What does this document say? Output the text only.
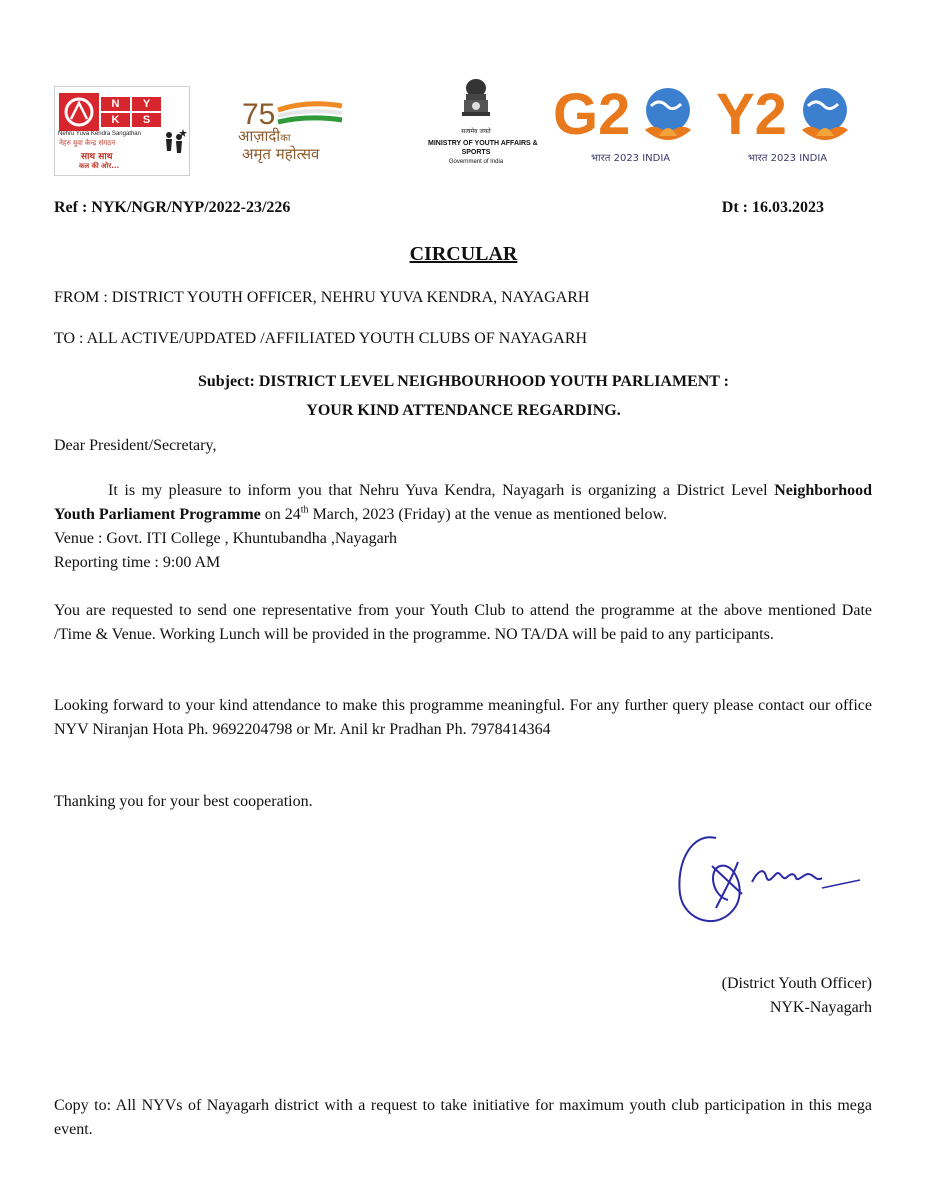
N	Y
K	S
Nehru Yuva Kendra Sangathan
नेहरु युवा केन्द्र संगठन
साथ साथ
कल की ओर...
75
आज़ादीका
अमृत महोत्सव
सत्यमेव जयते
MINISTRY OF YOUTH AFFAIRS &
SPORTS
Government of India
G2
भारत 2023 INDIA
Y2
भारत 2023 INDIA
Ref : NYK/NGR/NYP/2022-23/226	Dt : 16.03.2023
CIRCULAR
FROM : DISTRICT YOUTH OFFICER, NEHRU YUVA KENDRA, NAYAGARH
TO : ALL ACTIVE/UPDATED /AFFILIATED YOUTH CLUBS OF NAYAGARH
Subject: DISTRICT LEVEL NEIGHBOURHOOD YOUTH PARLIAMENT :
YOUR KIND ATTENDANCE REGARDING.
Dear President/Secretary,
It is my pleasure to inform you that Nehru Yuva Kendra, Nayagarh is organizing a District Level Neighborhood Youth Parliament Programme on 24th March, 2023 (Friday) at the venue as mentioned below.
Venue : Govt. ITI College , Khuntubandha ,Nayagarh
Reporting time : 9:00 AM
You are requested to send one representative from your Youth Club to attend the programme at the above mentioned Date /Time & Venue. Working Lunch will be provided in the programme. NO TA/DA will be paid to any participants.
Looking forward to your kind attendance to make this programme meaningful. For any further query please contact our office NYV Niranjan Hota Ph. 9692204798 or Mr. Anil kr Pradhan Ph. 7978414364
Thanking you for your best cooperation.
(District Youth Officer)
NYK-Nayagarh
Copy to: All NYVs of Nayagarh district with a request to take initiative for maximum youth club participation in this mega event.
